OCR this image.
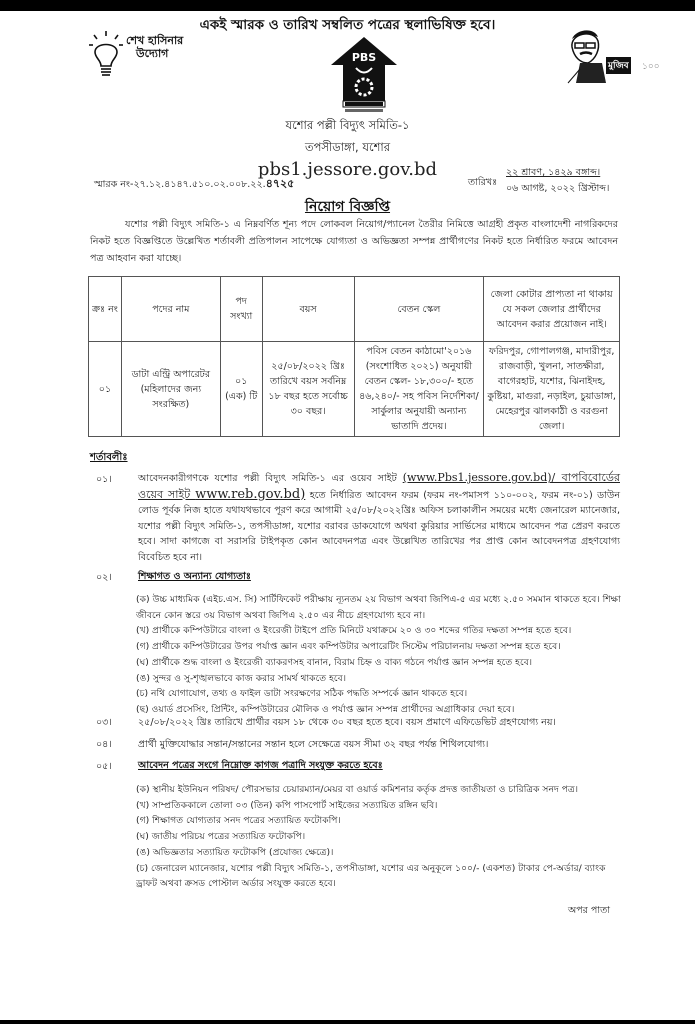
একই স্মারক ও তারিখ সম্বলিত পত্রের স্থলাভিষিক্ত হবে।
শেখ হাসিনার
উদ্যোগ	PBS
মুজিব ১০০
যশোর পল্লী বিদ্যুৎ সমিতি-১
তপসীডাঙ্গা, যশোর
pbs1.jessore.gov.bd
স্মারক নং-২৭.১২.৪১৪৭.৫১০.০২.০০৮.২২.৪৭২৫	তারিখঃ
২২ শ্রাবণ, ১৪২৯ বঙ্গাব্দ।
০৬ আগষ্ট, ২০২২ খ্রিস্টাব্দ।
নিয়োগ বিজ্ঞপ্তি
যশোর পল্লী বিদ্যুৎ সমিতি-১ এ নিম্নবর্ণিত শূন্য পদে লোকবল নিয়োগ/প্যানেল তৈরীর নিমিত্তে আগ্রহী প্রকৃত বাংলাদেশী নাগরিকদের নিকট হতে বিজ্ঞপ্তিতে উল্লেখিত শর্তাবলী প্রতিপালন সাপেক্ষে যোগ্যতা ও অভিজ্ঞতা সম্পন্ন প্রার্থীগণের নিকট হতে নির্ধারিত ফরমে আবেদন পত্র আহবান করা যাচ্ছে।
ক্রঃ নং	পদের নাম	পদ সংখ্যা	বয়স	বেতন স্কেল	জেলা কোটার প্রাপ্যতা না থাকায় যে সকল জেলার প্রার্থীদের আবেদন করার প্রয়োজন নাই।
০১	ডাটা এন্ট্রি অপারেটর (মহিলাদের জন্য সংরক্ষিত)	০১ (এক) টি	২৫/০৮/২০২২ খ্রিঃ তারিখে বয়স সর্বনিম্ন ১৮ বছর হতে সর্বোচ্চ ৩০ বছর।	পবিস বেতন কাঠামো'২০১৬ (সংশোধিত ২০২১) অনুযায়ী বেতন স্কেল- ১৮,৩০০/- হতে ৪৬,২৪০/- সহ পবিস নির্দেশিকা/সার্কুলার অনুযায়ী অন্যান্য ভাতাদি প্রদেয়।	ফরিদপুর, গোপালগঞ্জ, মাদারীপুর, রাজবাড়ী, খুলনা, সাতক্ষীরা, বাগেরহাট, যশোর, ঝিনাইদহ, কুষ্টিয়া, মাগুরা, নড়াইল, চুয়াডাঙ্গা, মেহেরপুর ঝালকাঠী ও বরগুনা জেলা।
শর্তাবলীঃ
০১।	আবেদনকারীগণকে যশোর পল্লী বিদ্যুৎ সমিতি-১ এর ওয়েব সাইট (www.Pbs1.jessore.gov.bd)/ বাপবিবোর্ডের ওয়েব সাইট www.reb.gov.bd) হতে নির্ধারিত আবেদন ফরম (ফরম নং-পমাসপ ১১০-০০২, ফরম নং-০১) ডাউন লোড পূর্বক নিজ হাতে যথাযথভাবে পূরণ করে আগামী ২৫/০৮/২০২২খ্রিঃ অফিস চলাকালীন সময়ের মধ্যে জেনারেল ম্যানেজার, যশোর পল্লী বিদ্যুৎ সমিতি-১, তপসীডাঙ্গা, যশোর বরাবর ডাকযোগে অথবা কুরিয়ার সার্ভিসের মাধ্যমে আবেদন পত্র প্রেরণ করতে হবে। সাদা কাগজে বা সরাসরি টাইপকৃত কোন আবেদনপত্র এবং উল্লেখিত তারিখের পর প্রাপ্ত কোন আবেদনপত্র গ্রহণযোগ্য বিবেচিত হবে না।
০২।	শিক্ষাগত ও অন্যান্য যোগ্যতাঃ
(ক) উচ্চ মাধ্যমিক (এইচ.এস. সি) সার্টিফিকেট পরীক্ষায় ন্যূনতম ২য় বিভাগ অথবা জিপিএ-৫ এর মধ্যে ২.৫০ সমমান থাকতে হবে। শিক্ষা জীবনে কোন স্তরে ৩য় বিভাগ অথবা জিপিএ ২.৫০ এর নীচে গ্রহণযোগ্য হবে না।
(খ) প্রার্থীকে কম্পিউটারে বাংলা ও ইংরেজী টাইপে প্রতি মিনিটে যথাক্রমে ২০ ও ৩০ শব্দের গতির দক্ষতা সম্পন্ন হতে হবে।
(গ) প্রার্থীকে কম্পিউটারের উপর পর্যাপ্ত জ্ঞান এবং কম্পিউটার অপারেটিং সিস্টেম পরিচালনায় দক্ষতা সম্পন্ন হতে হবে।
(ঘ) প্রার্থীকে শুদ্ধ বাংলা ও ইংরেজী ব্যাকরণসহ বানান, বিরাম চিহ্ন ও বাক্য গঠনে পর্যাপ্ত জ্ঞান সম্পন্ন হতে হবে।
(ঙ) সুন্দর ও সু-শৃঙ্খলভাবে কাজ করার সামর্থ থাকতে হবে।
(চ) নথি যোগাযোগ, তথ্য ও ফাইল ডাটা সংরক্ষণের সঠিক পদ্ধতি সম্পর্কে জ্ঞান থাকতে হবে।
(ছ) ওয়ার্ড প্রসেসিং, প্রিন্টিং, কম্পিউটারের মৌলিক ও পর্যাপ্ত জ্ঞান সম্পন্ন প্রার্থীদের অগ্রাধিকার দেয়া হবে।
০৩।	২৫/০৮/২০২২ খ্রিঃ তারিখে প্রার্থীর বয়স ১৮ থেকে ৩০ বছর হতে হবে। বয়স প্রমাণে এফিডেভিট গ্রহণযোগ্য নয়।
০৪।	প্রার্থী মুক্তিযোদ্ধার সন্তান/সন্তানের সন্তান হলে সেক্ষেত্রে বয়স সীমা ৩২ বছর পর্যন্ত শিথিলযোগ্য।
০৫।	আবেদন পত্রের সংগে নিম্নোক্ত কাগজ পত্রাদি সংযুক্ত করতে হবেঃ
(ক) স্থানীয় ইউনিয়ন পরিষদ/ পৌরসভার চেয়ারম্যান/মেয়র বা ওয়ার্ড কমিশনার কর্তৃক প্রদত্ত জাতীয়তা ও চারিত্রিক সনদ পত্র।
(খ) সাম্প্রতিককালে তোলা ০৩ (তিন) কপি পাসপোর্ট সাইজের সত্যায়িত রঙ্গিন ছবি।
(গ) শিক্ষাগত যোগ্যতার সনদ পত্রের সত্যায়িত ফটোকপি।
(ঘ) জাতীয় পরিচয় পত্রের সত্যায়িত ফটোকপি।
(ঙ) অভিজ্ঞতার সত্যায়িত ফটোকপি (প্রযোজ্য ক্ষেত্রে)।
(চ) জেনারেল ম্যানেজার, যশোর পল্লী বিদ্যুৎ সমিতি-১, তপসীডাঙ্গা, যশোর এর অনুকূলে ১০০/- (একশত) টাকার পে-অর্ডার/ ব্যাংক ড্রাফট অথবা ক্রসড পোস্টাল অর্ডার সংযুক্ত করতে হবে।
অপর পাতা
